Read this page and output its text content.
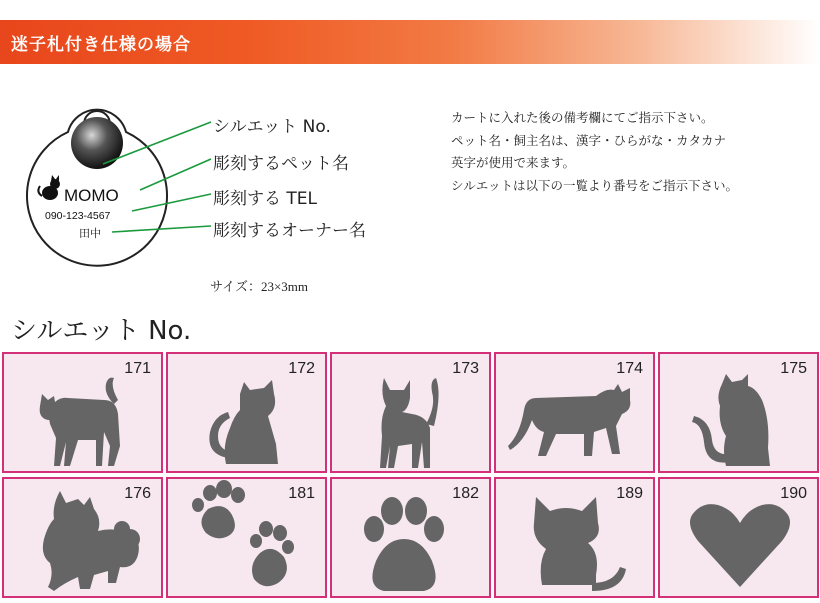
迷子札付き仕様の場合
MOMO
090-123-4567
田中
シルエット No.
彫刻するペット名
彫刻する TEL
彫刻するオーナー名
サイズ：23×3mm
カートに入れた後の備考欄にてご指示下さい。
ペット名・飼主名は、漢字・ひらがな・カタカナ
英字が使用で来ます。
シルエットは以下の一覧より番号をご指示下さい。
シルエット No.
171	172	173	174	175
176	181	182	189	190
